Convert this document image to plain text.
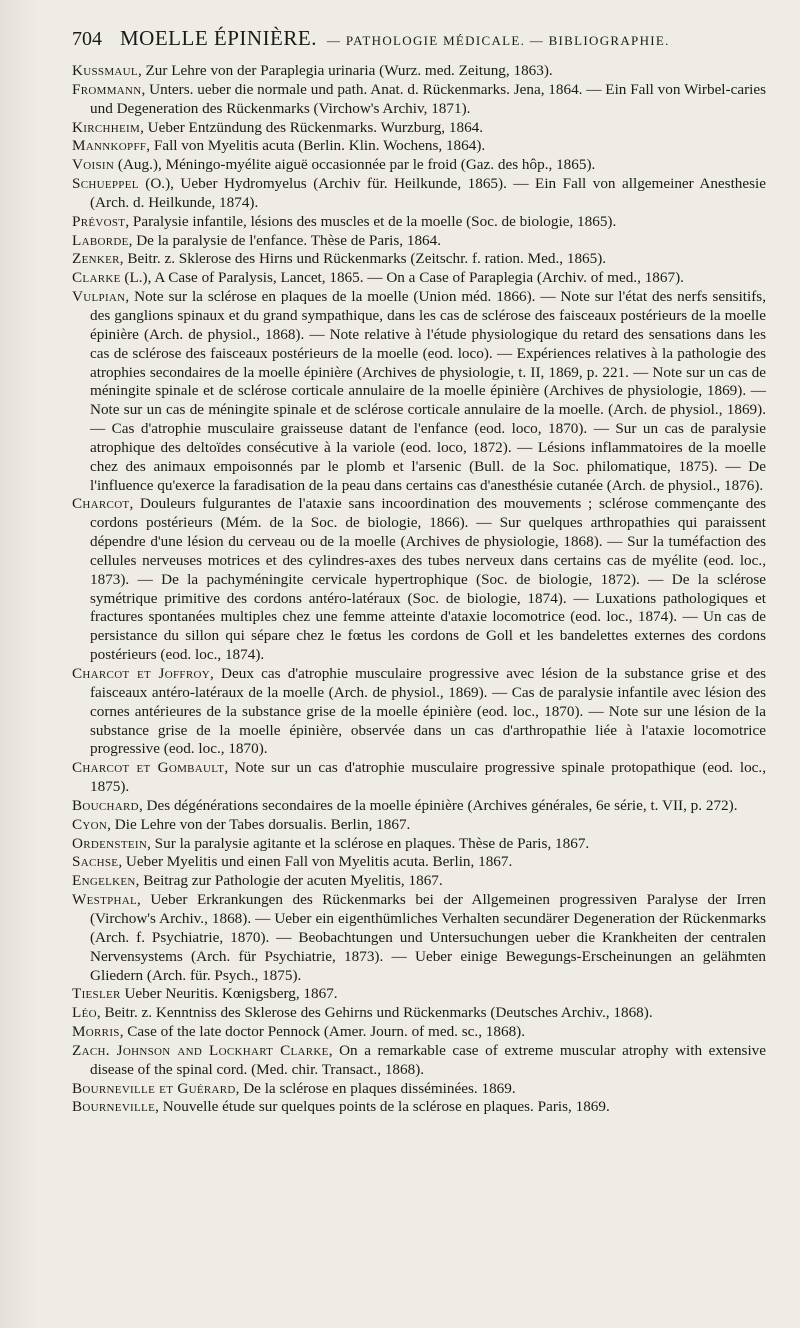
704 MOELLE ÉPINIÈRE. — PATHOLOGIE MÉDICALE. — BIBLIOGRAPHIE.

Kussmaul, Zur Lehre von der Paraplegia urinaria (Wurz. med. Zeitung, 1863).

Frommann, Unters. ueber die normale und path. Anat. d. Rückenmarks. Jena, 1864. — Ein Fall von Wirbel-caries und Degeneration des Rückenmarks (Virchow's Archiv, 1871).

Kirchheim, Ueber Entzündung des Rückenmarks. Wurzburg, 1864.

Mannkopff, Fall von Myelitis acuta (Berlin. Klin. Wochens, 1864).

Voisin (Aug.), Méningo-myélite aiguë occasionnée par le froid (Gaz. des hôp., 1865).

Schueppel (O.), Ueber Hydromyelus (Archiv für. Heilkunde, 1865). — Ein Fall von allgemeiner Anesthesie (Arch. d. Heilkunde, 1874).

Prévost, Paralysie infantile, lésions des muscles et de la moelle (Soc. de biologie, 1865).

Laborde, De la paralysie de l'enfance. Thèse de Paris, 1864.

Zenker, Beitr. z. Sklerose des Hirns und Rückenmarks (Zeitschr. f. ration. Med., 1865).

Clarke (L.), A Case of Paralysis, Lancet, 1865. — On a Case of Paraplegia (Archiv. of med., 1867).

Vulpian, Note sur la sclérose en plaques de la moelle (Union méd. 1866). — Note sur l'état des nerfs sensitifs, des ganglions spinaux et du grand sympathique, dans les cas de sclérose des faisceaux postérieurs de la moelle épinière (Arch. de physiol., 1868). — Note relative à l'étude physiologique du retard des sensations dans les cas de sclérose des faisceaux postérieurs de la moelle (eod. loco). — Expériences relatives à la pathologie des atrophies secondaires de la moelle épinière (Archives de physiologie, t. II, 1869, p. 221. — Note sur un cas de méningite spinale et de sclérose corticale annulaire de la moelle épinière (Archives de physiologie, 1869). — Note sur un cas de méningite spinale et de sclérose corticale annulaire de la moelle. (Arch. de physiol., 1869). — Cas d'atrophie musculaire graisseuse datant de l'enfance (eod. loco, 1870). — Sur un cas de paralysie atrophique des deltoïdes consécutive à la variole (eod. loco, 1872). — Lésions inflammatoires de la moelle chez des animaux empoisonnés par le plomb et l'arsenic (Bull. de la Soc. philomatique, 1875). — De l'influence qu'exerce la faradisation de la peau dans certains cas d'anesthésie cutanée (Arch. de physiol., 1876).

Charcot, Douleurs fulgurantes de l'ataxie sans incoordination des mouvements ; sclérose commençante des cordons postérieurs (Mém. de la Soc. de biologie, 1866). — Sur quelques arthropathies qui paraissent dépendre d'une lésion du cerveau ou de la moelle (Archives de physiologie, 1868). — Sur la tuméfaction des cellules nerveuses motrices et des cylindres-axes des tubes nerveux dans certains cas de myélite (eod. loc., 1873). — De la pachyméningite cervicale hypertrophique (Soc. de biologie, 1872). — De la sclérose symétrique primitive des cordons antéro-latéraux (Soc. de biologie, 1874). — Luxations pathologiques et fractures spontanées multiples chez une femme atteinte d'ataxie locomotrice (eod. loc., 1874). — Un cas de persistance du sillon qui sépare chez le fœtus les cordons de Goll et les bandelettes externes des cordons postérieurs (eod. loc., 1874).

Charcot et Joffroy, Deux cas d'atrophie musculaire progressive avec lésion de la substance grise et des faisceaux antéro-latéraux de la moelle (Arch. de physiol., 1869). — Cas de paralysie infantile avec lésion des cornes antérieures de la substance grise de la moelle épinière (eod. loc., 1870). — Note sur une lésion de la substance grise de la moelle épinière, observée dans un cas d'arthropathie liée à l'ataxie locomotrice progressive (eod. loc., 1870).

Charcot et Gombault, Note sur un cas d'atrophie musculaire progressive spinale protopathique (eod. loc., 1875).

Bouchard, Des dégénérations secondaires de la moelle épinière (Archives générales, 6e série, t. VII, p. 272).

Cyon, Die Lehre von der Tabes dorsualis. Berlin, 1867.

Ordenstein, Sur la paralysie agitante et la sclérose en plaques. Thèse de Paris, 1867.

Sachse, Ueber Myelitis und einen Fall von Myelitis acuta. Berlin, 1867.

Engelken, Beitrag zur Pathologie der acuten Myelitis, 1867.

Westphal, Ueber Erkrankungen des Rückenmarks bei der Allgemeinen progressiven Paralyse der Irren (Virchow's Archiv., 1868). — Ueber ein eigenthümliches Verhalten secundärer Degeneration der Rückenmarks (Arch. f. Psychiatrie, 1870). — Beobachtungen und Untersuchungen ueber die Krankheiten der centralen Nervensystems (Arch. für Psychiatrie, 1873). — Ueber einige Bewegungs-Erscheinungen an gelähmten Gliedern (Arch. für. Psych., 1875).

Tiesler Ueber Neuritis. Kœnigsberg, 1867.

Léo, Beitr. z. Kenntniss des Sklerose des Gehirns und Rückenmarks (Deutsches Archiv., 1868).

Morris, Case of the late doctor Pennock (Amer. Journ. of med. sc., 1868).

Zach. Johnson and Lockhart Clarke, On a remarkable case of extreme muscular atrophy with extensive disease of the spinal cord. (Med. chir. Transact., 1868).

Bourneville et Guérard, De la sclérose en plaques disséminées. 1869.

Bourneville, Nouvelle étude sur quelques points de la sclérose en plaques. Paris, 1869.
